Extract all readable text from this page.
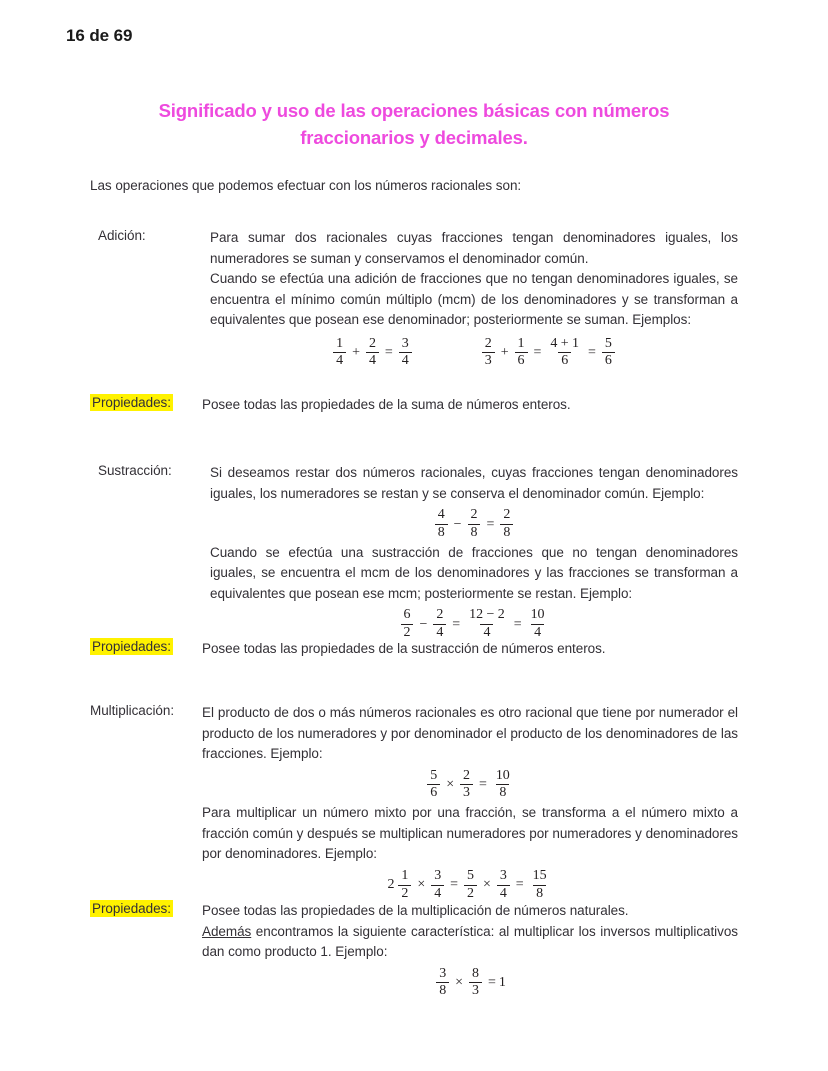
16 de 69
Significado y uso de las operaciones básicas con números fraccionarios y decimales.
Las operaciones que podemos efectuar con los números racionales son:
Adición:	Para sumar dos racionales cuyas fracciones tengan denominadores iguales, los numeradores se suman y conservamos el denominador común.

Cuando se efectúa una adición de fracciones que no tengan denominadores iguales, se encuentra el mínimo común múltiplo (mcm) de los denominadores y se transforman a equivalentes que posean ese denominador; posteriormente se suman. Ejemplos:

$\frac{1}{4} + \frac{2}{4} = \frac{3}{4}$	$\frac{2}{3} + \frac{1}{6} = \frac{4 + 1}{6} = \frac{5}{6}$
Propiedades:	Posee todas las propiedades de la suma de números enteros.

Sustracción:	Si deseamos restar dos números racionales, cuyas fracciones tengan denominadores iguales, los numeradores se restan y se conserva el denominador común. Ejemplo:

$\frac{4}{8} - \frac{2}{8} = \frac{2}{8}$

Cuando se efectúa una sustracción de fracciones que no tengan denominadores iguales, se encuentra el mcm de los denominadores y las fracciones se transforman a equivalentes que posean ese mcm; posteriormente se restan. Ejemplo:

$\frac{6}{2} - \frac{2}{4} = \frac{12 - 2}{4} = \frac{10}{4}$
Propiedades:	Posee todas las propiedades de la sustracción de números enteros.

Multiplicación:	El producto de dos o más números racionales es otro racional que tiene por numerador el producto de los numeradores y por denominador el producto de los denominadores de las fracciones. Ejemplo:

$\frac{5}{6} \times \frac{2}{3} = \frac{10}{8}$

Para multiplicar un número mixto por una fracción, se transforma a el número mixto a fracción común y después se multiplican numeradores por numeradores y denominadores por denominadores. Ejemplo:

$2 \frac{1}{2} \times \frac{3}{4} = \frac{5}{2} \times \frac{3}{4} = \frac{15}{8}$
Propiedades:	Posee todas las propiedades de la multiplicación de números naturales.

Además encontramos la siguiente característica: al multiplicar los inversos multiplicativos dan como producto 1. Ejemplo:

$\frac{3}{8} \times \frac{8}{3} = 1$
